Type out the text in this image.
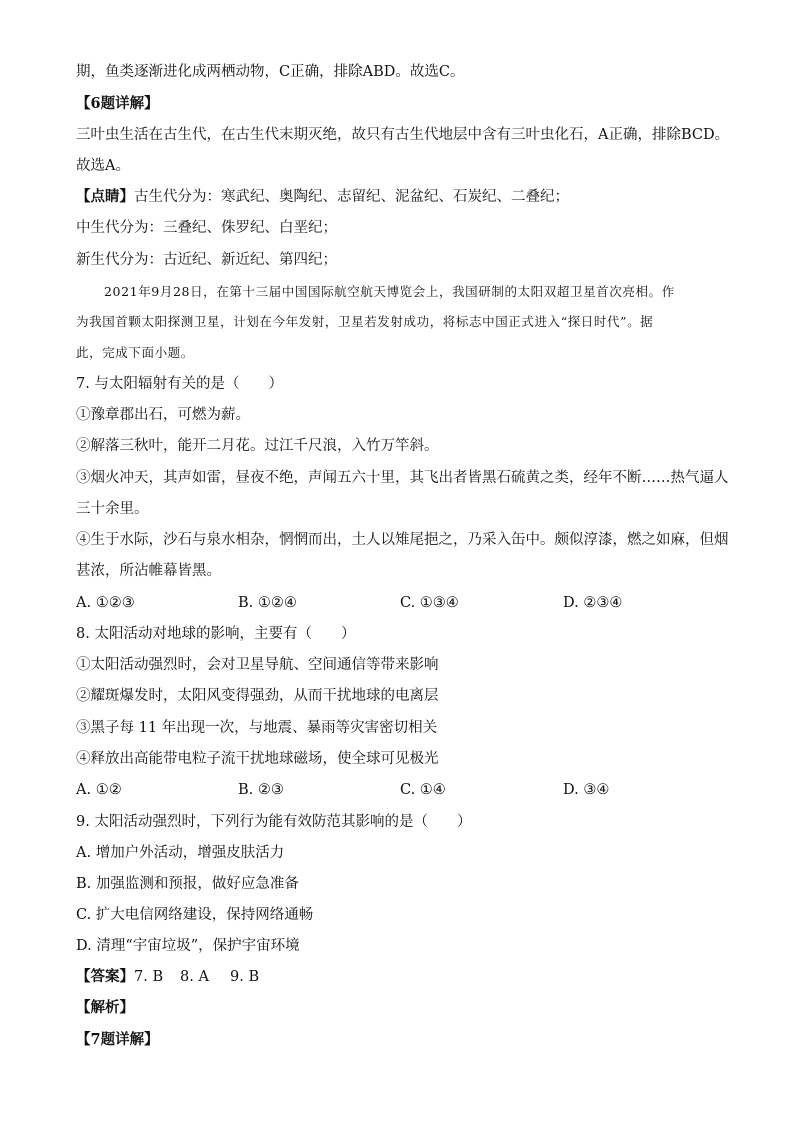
期，鱼类逐渐进化成两栖动物，C正确，排除ABD。故选C。
【6题详解】
三叶虫生活在古生代，在古生代末期灭绝，故只有古生代地层中含有三叶虫化石，A正确，排除BCD。
故选A。
【点睛】古生代分为：寒武纪、奥陶纪、志留纪、泥盆纪、石炭纪、二叠纪；
中生代分为：三叠纪、侏罗纪、白垩纪；
新生代分为：古近纪、新近纪、第四纪；
2021年9月28日，在第十三届中国国际航空航天博览会上，我国研制的太阳双超卫星首次亮相。作
为我国首颗太阳探测卫星，计划在今年发射，卫星若发射成功，将标志中国正式进入“探日时代”。据
此，完成下面小题。
7. 与太阳辐射有关的是（　　）
①豫章郡出石，可燃为薪。
②解落三秋叶，能开二月花。过江千尺浪，入竹万竿斜。
③烟火冲天，其声如雷，昼夜不绝，声闻五六十里，其飞出者皆黑石硫黄之类，经年不断……热气逼人
三十余里。
④生于水际，沙石与泉水相杂，惘惘而出，土人以雉尾挹之，乃采入缶中。颇似淳漆，燃之如麻，但烟
甚浓，所沾帷幕皆黑。
A. ①②③	B. ①②④	C. ①③④	D. ②③④
8. 太阳活动对地球的影响，主要有（　　）
①太阳活动强烈时，会对卫星导航、空间通信等带来影响
②耀斑爆发时，太阳风变得强劲，从而干扰地球的电离层
③黑子每 11 年出现一次，与地震、暴雨等灾害密切相关
④释放出高能带电粒子流干扰地球磁场，使全球可见极光
A. ①②	B. ②③	C. ①④	D. ③④
9. 太阳活动强烈时，下列行为能有效防范其影响的是（　　）
A. 增加户外活动，增强皮肤活力
B. 加强监测和预报，做好应急准备
C. 扩大电信网络建设，保持网络通畅
D. 清理“宇宙垃圾”，保护宇宙环境
【答案】7. B 8. A 9. B
【解析】
【7题详解】
